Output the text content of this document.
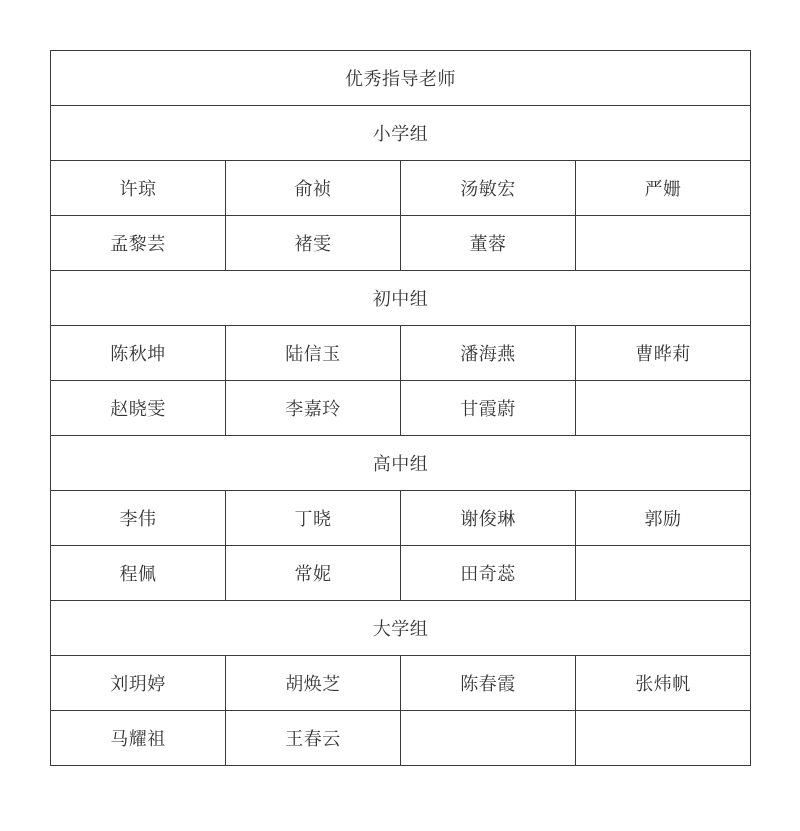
优秀指导老师			
小学组			
许琼	俞祯	汤敏宏	严姗
孟黎芸	褚雯	董蓉	
初中组			
陈秋坤	陆信玉	潘海燕	曹晔莉
赵晓雯	李嘉玲	甘霞蔚	
高中组			
李伟	丁晓	谢俊琳	郭励
程佩	常妮	田奇蕊	
大学组			
刘玥婷	胡焕芝	陈春霞	张炜帆
马耀祖	王春云		
